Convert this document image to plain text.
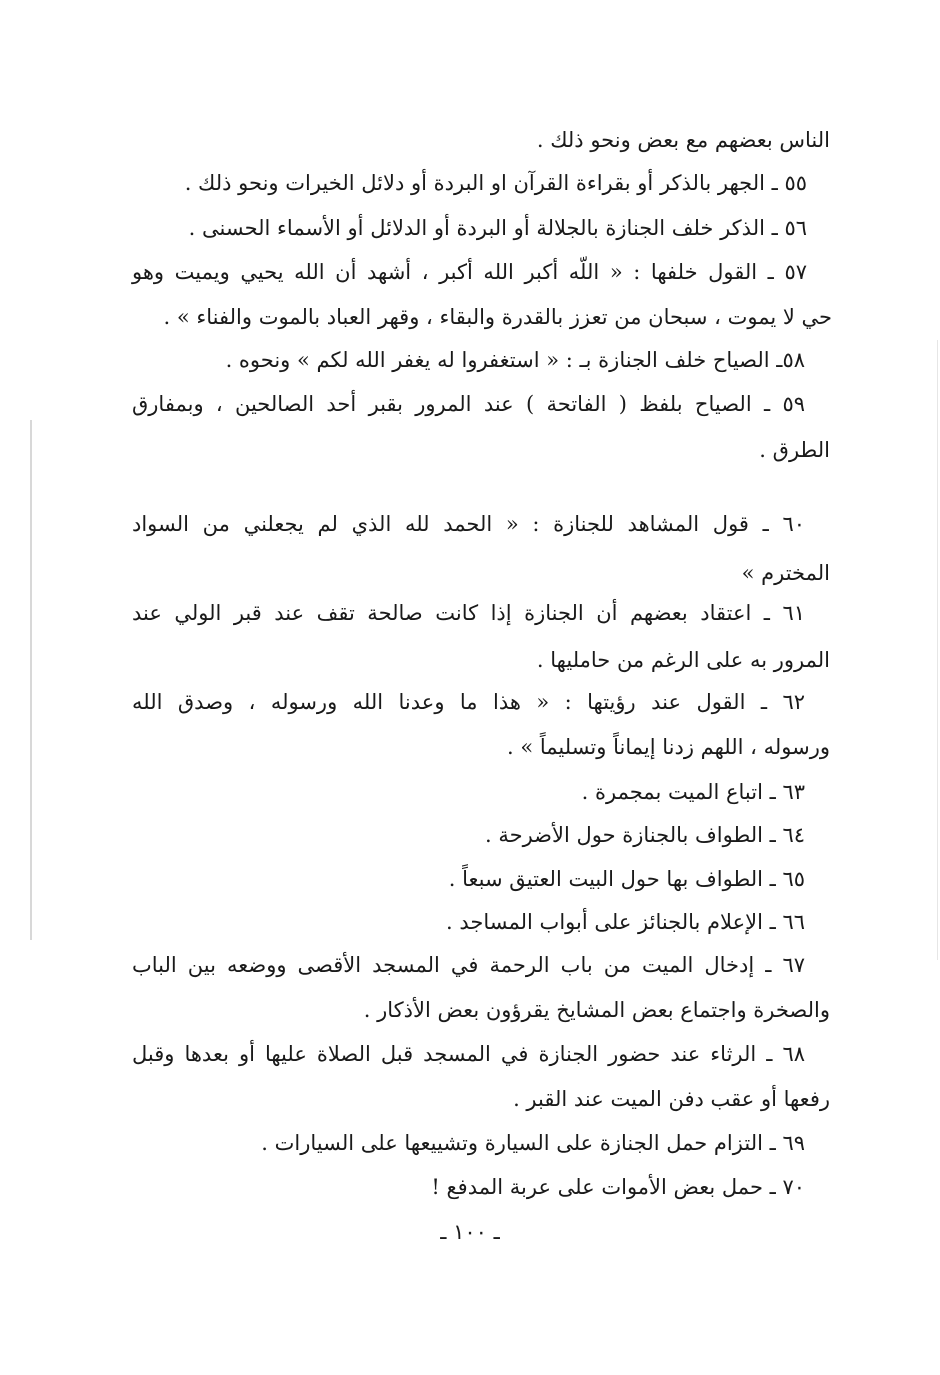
الناس بعضهم مع بعض ونحو ذلك .
٥٥ ـ الجهر بالذكر أو بقراءة القرآن او البردة أو دلائل الخيرات ونحو ذلك .
٥٦ ـ الذكر خلف الجنازة بالجلالة أو البردة أو الدلائل أو الأسماء الحسنى .
٥٧ ـ القول خلفها : « اللّه أكبر الله أكبر ، أشهد أن الله يحيي ويميت وهو
حي لا يموت ، سبحان من تعزز بالقدرة والبقاء ، وقهر العباد بالموت والفناء » .
٥٨ـ الصياح خلف الجنازة بـ : « استغفروا له يغفر الله لكم » ونحوه .
٥٩ ـ الصياح بلفظ ( الفاتحة ) عند المرور بقبر أحد الصالحين ، وبمفارق
الطرق .
٦٠ ـ قول المشاهد للجنازة : « الحمد لله الذي لم يجعلني من السواد
المخترم »
٦١ ـ اعتقاد بعضهم أن الجنازة إذا كانت صالحة تقف عند قبر الولي عند
المرور به على الرغم من حامليها .
٦٢ ـ القول عند رؤيتها : « هذا ما وعدنا الله ورسوله ، وصدق الله
ورسوله ، اللهم زدنا إيماناً وتسليماً » .
٦٣ ـ اتباع الميت بمجمرة .
٦٤ ـ الطواف بالجنازة حول الأضرحة .
٦٥ ـ الطواف بها حول البيت العتيق سبعاً .
٦٦ ـ الإعلام بالجنائز على أبواب المساجد .
٦٧ ـ إدخال الميت من باب الرحمة في المسجد الأقصى ووضعه بين الباب
والصخرة واجتماع بعض المشايخ يقرؤون بعض الأذكار .
٦٨ ـ الرثاء عند حضور الجنازة في المسجد قبل الصلاة عليها أو بعدها وقبل
رفعها أو عقب دفن الميت عند القبر .
٦٩ ـ التزام حمل الجنازة على السيارة وتشييعها على السيارات .
٧٠ ـ حمل بعض الأموات على عربة المدفع !
ـ ١٠٠ ـ
